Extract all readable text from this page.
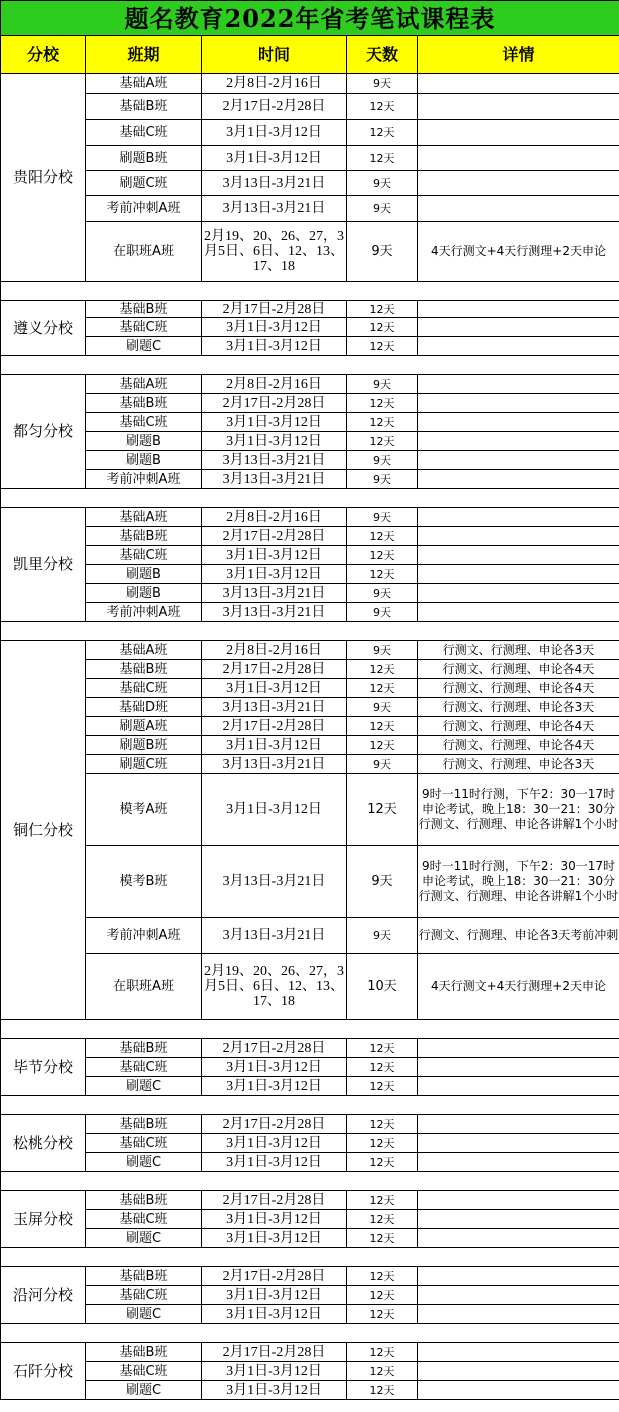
题名教育2022年省考笔试课程表				
分校	班期	时间	天数	详情
贵阳分校	基础A班	2月8日-2月16日	9天	
	基础B班	2月17日-2月28日	12天	
	基础C班	3月1日-3月12日	12天	
	刷题B班	3月1日-3月12日	12天	
	刷题C班	3月13日-3月21日	9天	
	考前冲刺A班	3月13日-3月21日	9天	
	在职班A班	2月19、20、26、27，3月5日、6日、12、13、17、18	9天	4天行测文+4天行测理+2天申论

遵义分校	基础B班	2月17日-2月28日	12天	
	基础C班	3月1日-3月12日	12天	
	刷题C	3月1日-3月12日	12天	

都匀分校	基础A班	2月8日-2月16日	9天	
	基础B班	2月17日-2月28日	12天	
	基础C班	3月1日-3月12日	12天	
	刷题B	3月1日-3月12日	12天	
	刷题B	3月13日-3月21日	9天	
	考前冲刺A班	3月13日-3月21日	9天	

凯里分校	基础A班	2月8日-2月16日	9天	
	基础B班	2月17日-2月28日	12天	
	基础C班	3月1日-3月12日	12天	
	刷题B	3月1日-3月12日	12天	
	刷题B	3月13日-3月21日	9天	
	考前冲刺A班	3月13日-3月21日	9天	

铜仁分校	基础A班	2月8日-2月16日	9天	行测文、行测理、申论各3天
	基础B班	2月17日-2月28日	12天	行测文、行测理、申论各4天
	基础C班	3月1日-3月12日	12天	行测文、行测理、申论各4天
	基础D班	3月13日-3月21日	9天	行测文、行测理、申论各3天
	刷题A班	2月17日-2月28日	12天	行测文、行测理、申论各4天
	刷题B班	3月1日-3月12日	12天	行测文、行测理、申论各4天
	刷题C班	3月13日-3月21日	9天	行测文、行测理、申论各3天
	模考A班	3月1日-3月12日	12天	9时一11时行测，下午2：30一17时申论考试，晚上18：30一21：30分行测文、行测理、申论各讲解1个小时
	模考B班	3月13日-3月21日	9天	9时一11时行测，下午2：30一17时申论考试，晚上18：30一21：30分行测文、行测理、申论各讲解1个小时
	考前冲刺A班	3月13日-3月21日	9天	行测文、行测理、申论各3天考前冲刺
	在职班A班	2月19、20、26、27，3月5日、6日、12、13、17、18	10天	4天行测文+4天行测理+2天申论

毕节分校	基础B班	2月17日-2月28日	12天	
	基础C班	3月1日-3月12日	12天	
	刷题C	3月1日-3月12日	12天	

松桃分校	基础B班	2月17日-2月28日	12天	
	基础C班	3月1日-3月12日	12天	
	刷题C	3月1日-3月12日	12天	

玉屏分校	基础B班	2月17日-2月28日	12天	
	基础C班	3月1日-3月12日	12天	
	刷题C	3月1日-3月12日	12天	

沿河分校	基础B班	2月17日-2月28日	12天	
	基础C班	3月1日-3月12日	12天	
	刷题C	3月1日-3月12日	12天	

石阡分校	基础B班	2月17日-2月28日	12天	
	基础C班	3月1日-3月12日	12天	
	刷题C	3月1日-3月12日	12天	
